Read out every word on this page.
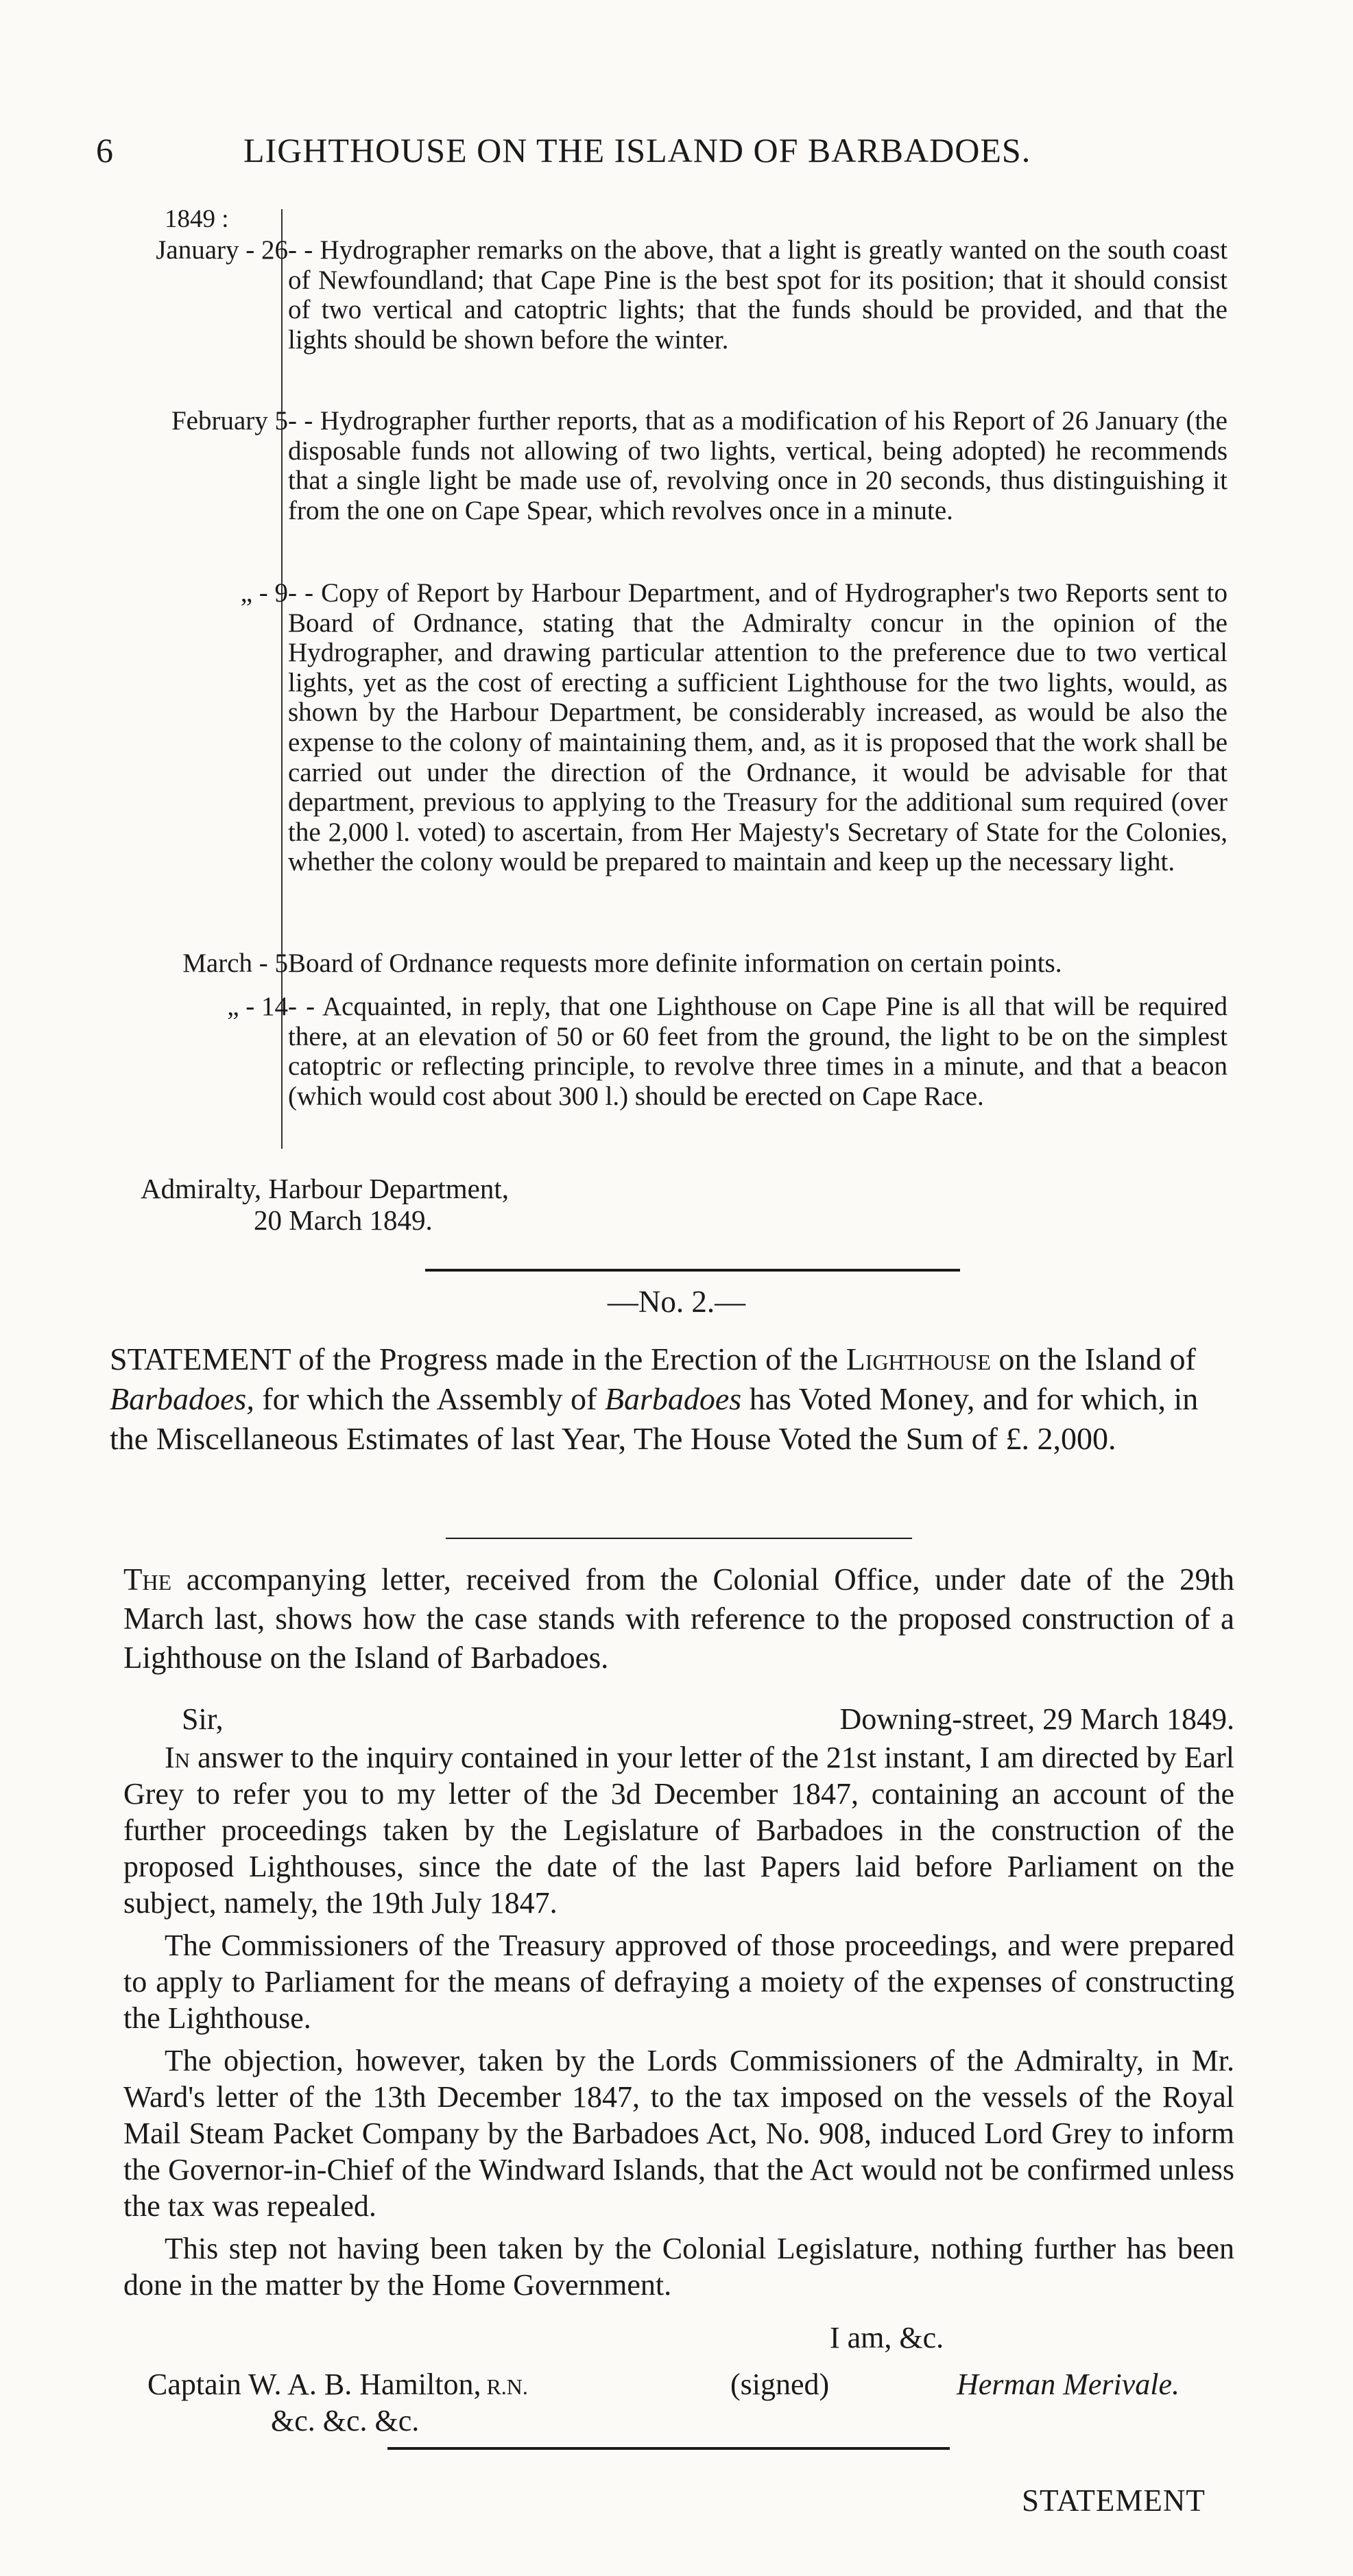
6	LIGHTHOUSE ON THE ISLAND OF BARBADOES.
1849 :
January - 26 - - Hydrographer remarks on the above, that a light is greatly wanted on the south coast of Newfoundland; that Cape Pine is the best spot for its position; that it should consist of two vertical and catoptric lights; that the funds should be provided, and that the lights should be shown before the winter.
February 5 - - Hydrographer further reports, that as a modification of his Report of 26 January (the disposable funds not allowing of two lights, vertical, being adopted) he recommends that a single light be made use of, revolving once in 20 seconds, thus distinguishing it from the one on Cape Spear, which revolves once in a minute.
„ - 9 - - Copy of Report by Harbour Department, and of Hydrographer's two Reports sent to Board of Ordnance, stating that the Admiralty concur in the opinion of the Hydrographer, and drawing particular attention to the preference due to two vertical lights, yet as the cost of erecting a sufficient Lighthouse for the two lights, would, as shown by the Harbour Department, be considerably increased, as would be also the expense to the colony of maintaining them, and, as it is proposed that the work shall be carried out under the direction of the Ordnance, it would be advisable for that department, previous to applying to the Treasury for the additional sum required (over the 2,000 l. voted) to ascertain, from Her Majesty's Secretary of State for the Colonies, whether the colony would be prepared to maintain and keep up the necessary light.
March - 5 Board of Ordnance requests more definite information on certain points.
„ - 14 - - Acquainted, in reply, that one Lighthouse on Cape Pine is all that will be required there, at an elevation of 50 or 60 feet from the ground, the light to be on the simplest catoptric or reflecting principle, to revolve three times in a minute, and that a beacon (which would cost about 300 l.) should be erected on Cape Race.
Admiralty, Harbour Department,
20 March 1849.
—No. 2.—
STATEMENT of the Progress made in the Erection of the Lighthouse on the Island of Barbadoes, for which the Assembly of Barbadoes has Voted Money, and for which, in the Miscellaneous Estimates of last Year, The House Voted the Sum of £. 2,000.
The accompanying letter, received from the Colonial Office, under date of the 29th March last, shows how the case stands with reference to the proposed construction of a Lighthouse on the Island of Barbadoes.
Sir,	Downing-street, 29 March 1849.

In answer to the inquiry contained in your letter of the 21st instant, I am directed by Earl Grey to refer you to my letter of the 3d December 1847, containing an account of the further proceedings taken by the Legislature of Barbadoes in the construction of the proposed Lighthouses, since the date of the last Papers laid before Parliament on the subject, namely, the 19th July 1847.

The Commissioners of the Treasury approved of those proceedings, and were prepared to apply to Parliament for the means of defraying a moiety of the expenses of constructing the Lighthouse.

The objection, however, taken by the Lords Commissioners of the Admiralty, in Mr. Ward's letter of the 13th December 1847, to the tax imposed on the vessels of the Royal Mail Steam Packet Company by the Barbadoes Act, No. 908, induced Lord Grey to inform the Governor-in-Chief of the Windward Islands, that the Act would not be confirmed unless the tax was repealed.

This step not having been taken by the Colonial Legislature, nothing further has been done in the matter by the Home Government.

I am, &c.
Captain W. A. B. Hamilton, R.N.	(signed)	Herman Merivale.
&c. &c. &c.
STATEMENT
